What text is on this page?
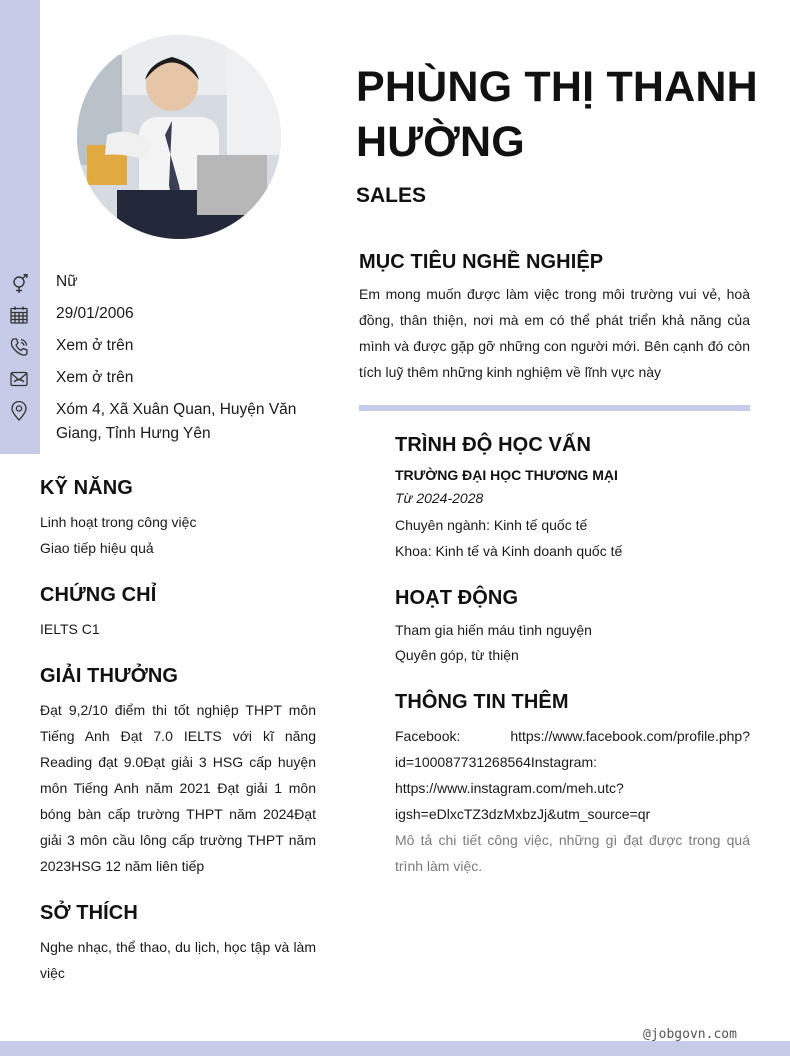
PHÙNG THỊ THANH HƯỜNG
SALES
Nữ
29/01/2006
Xem ở trên
Xem ở trên
Xóm 4, Xã Xuân Quan, Huyện Văn Giang, Tỉnh Hưng Yên
KỸ NĂNG
Linh hoạt trong công việc
Giao tiếp hiệu quả
CHỨNG CHỈ
IELTS C1
GIẢI THƯỞNG
Đạt 9,2/10 điểm thi tốt nghiệp THPT môn Tiếng Anh Đạt 7.0 IELTS với kĩ năng Reading đạt 9.0Đạt giải 3 HSG cấp huyện môn Tiếng Anh năm 2021 Đạt giải 1 môn bóng bàn cấp trường THPT năm 2024Đạt giải 3 môn cầu lông cấp trường THPT năm 2023HSG 12 năm liên tiếp
SỞ THÍCH
Nghe nhạc, thể thao, du lịch, học tập và làm việc
MỤC TIÊU NGHỀ NGHIỆP
Em mong muốn được làm việc trong môi trường vui vẻ, hoà đồng, thân thiện, nơi mà em có thể phát triển khả năng của mình và được gặp gỡ những con người mới. Bên cạnh đó còn tích luỹ thêm những kinh nghiệm về lĩnh vực này
TRÌNH ĐỘ HỌC VẤN
TRƯỜNG ĐẠI HỌC THƯƠNG MẠI
Từ 2024-2028
Chuyên ngành: Kinh tế quốc tế
Khoa: Kinh tế và Kinh doanh quốc tế
HOẠT ĐỘNG
Tham gia hiến máu tình nguyện
Quyên góp, từ thiện
THÔNG TIN THÊM
Facebook:	https://www.facebook.com/profile.php?
id=100087731268564Instagram:
https://www.instagram.com/meh.utc?
igsh=eDlxcTZ3dzMxbzJj&utm_source=qr
Mô tả chi tiết công việc, những gì đạt được trong quá trình làm việc.
@jobgovn.com
